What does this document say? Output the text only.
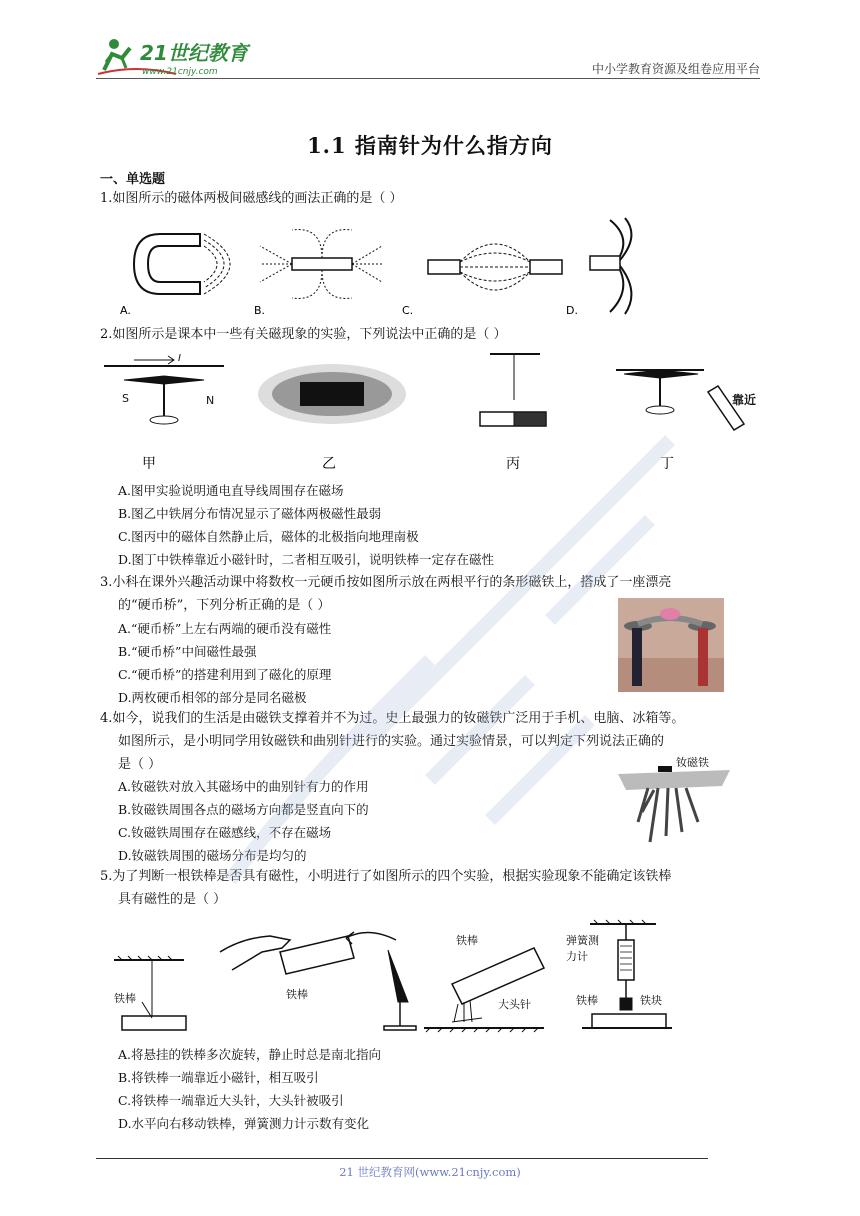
21世纪教育
www.21cnjy.com	中小学教育资源及组卷应用平台
1.1 指南针为什么指方向
一、单选题
1.如图所示的磁体两极间磁感线的画法正确的是（ ）
A.	B.	C.	D.
2.如图所示是课本中一些有关磁现象的实验，下列说法中正确的是（ ）
I
S	N	靠近
甲	乙	丙	丁
A.图甲实验说明通电直导线周围存在磁场
B.图乙中铁屑分布情况显示了磁体两极磁性最弱
C.图丙中的磁体自然静止后，磁体的北极指向地理南极
D.图丁中铁棒靠近小磁针时，二者相互吸引，说明铁棒一定存在磁性
3.小科在课外兴趣活动课中将数枚一元硬币按如图所示放在两根平行的条形磁铁上，搭成了一座漂亮
的“硬币桥”，下列分析正确的是（ ）
A.“硬币桥”上左右两端的硬币没有磁性
B.“硬币桥”中间磁性最强
C.“硬币桥”的搭建利用到了磁化的原理
D.两枚硬币相邻的部分是同名磁极
4.如今，说我们的生活是由磁铁支撑着并不为过。史上最强力的钕磁铁广泛用于手机、电脑、冰箱等。
如图所示，是小明同学用钕磁铁和曲别针进行的实验。通过实验情景，可以判定下列说法正确的
是（ ）
A.钕磁铁对放入其磁场中的曲别针有力的作用
B.钕磁铁周围各点的磁场方向都是竖直向下的
C.钕磁铁周围存在磁感线，不存在磁场
D.钕磁铁周围的磁场分布是均匀的
钕磁铁
5.为了判断一根铁棒是否具有磁性，小明进行了如图所示的四个实验，根据实验现象不能确定该铁棒
具有磁性的是（ ）
铁棒	铁棒
铁棒
大头针
弹簧测
力计
铁棒	铁块
A.将悬挂的铁棒多次旋转，静止时总是南北指向
B.将铁棒一端靠近小磁针，相互吸引
C.将铁棒一端靠近大头针，大头针被吸引
D.水平向右移动铁棒，弹簧测力计示数有变化
21 世纪教育网(www.21cnjy.com)
